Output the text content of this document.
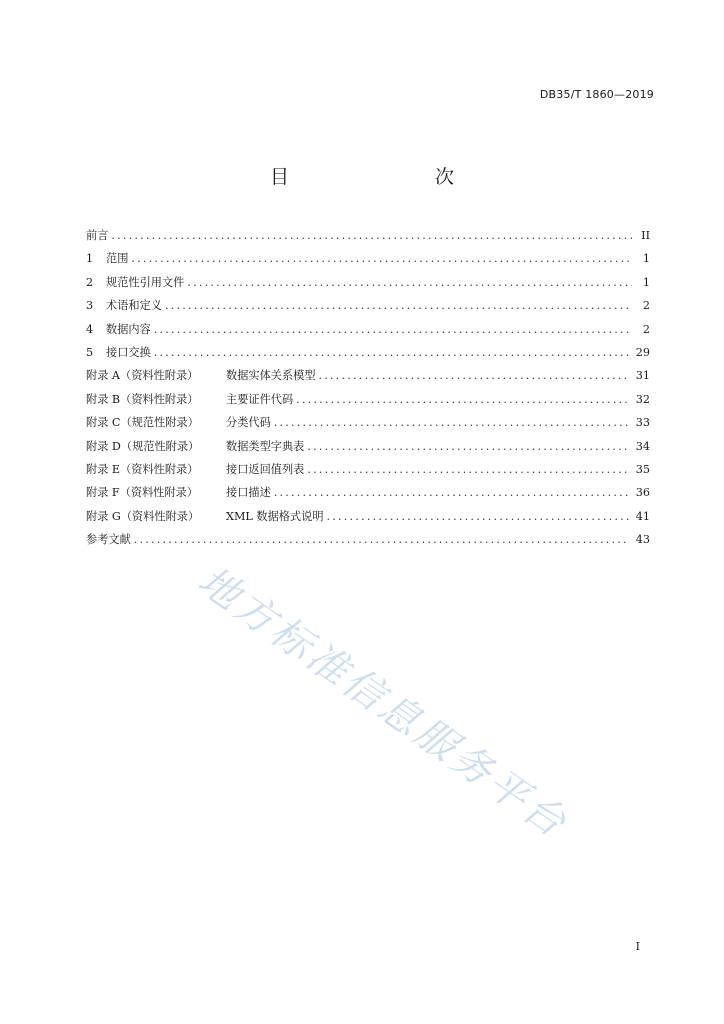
DB35/T 1860—2019
目　　次
前言 .....	II
1	范围 .....	1
2	规范性引用文件 .....	1
3	术语和定义 .....	2
4	数据内容 .....	2
5	接口交换 .....	29
附录 A（资料性附录）	数据实体关系模型 .....	31
附录 B（资料性附录）	主要证件代码 .....	32
附录 C（规范性附录）	分类代码 .....	33
附录 D（规范性附录）	数据类型字典表 .....	34
附录 E（资料性附录）	接口返回值列表 .....	35
附录 F（资料性附录）	接口描述 .....	36
附录 G（资料性附录）	XML 数据格式说明 .....	41
参考文献 .....	43
地方标准信息服务平台
I
